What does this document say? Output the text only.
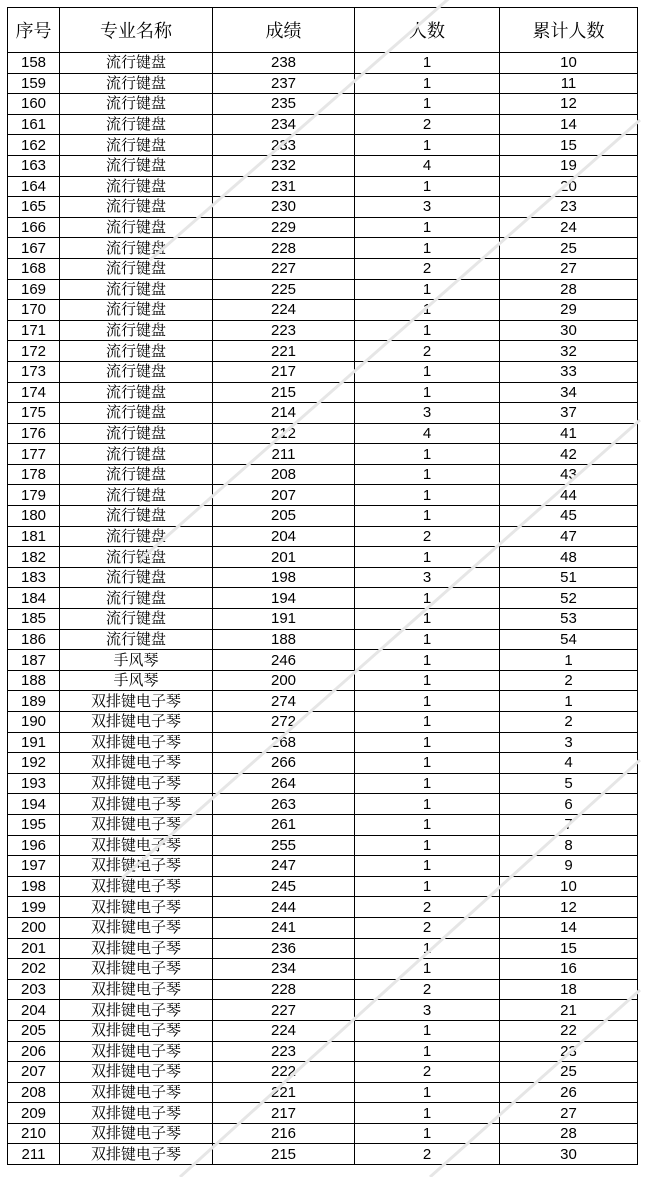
序号	专业名称	成绩	人数	累计人数
158	流行键盘	238	1	10
159	流行键盘	237	1	11
160	流行键盘	235	1	12
161	流行键盘	234	2	14
162	流行键盘	233	1	15
163	流行键盘	232	4	19
164	流行键盘	231	1	20
165	流行键盘	230	3	23
166	流行键盘	229	1	24
167	流行键盘	228	1	25
168	流行键盘	227	2	27
169	流行键盘	225	1	28
170	流行键盘	224	1	29
171	流行键盘	223	1	30
172	流行键盘	221	2	32
173	流行键盘	217	1	33
174	流行键盘	215	1	34
175	流行键盘	214	3	37
176	流行键盘	212	4	41
177	流行键盘	211	1	42
178	流行键盘	208	1	43
179	流行键盘	207	1	44
180	流行键盘	205	1	45
181	流行键盘	204	2	47
182	流行键盘	201	1	48
183	流行键盘	198	3	51
184	流行键盘	194	1	52
185	流行键盘	191	1	53
186	流行键盘	188	1	54
187	手风琴	246	1	1
188	手风琴	200	1	2
189	双排键电子琴	274	1	1
190	双排键电子琴	272	1	2
191	双排键电子琴	268	1	3
192	双排键电子琴	266	1	4
193	双排键电子琴	264	1	5
194	双排键电子琴	263	1	6
195	双排键电子琴	261	1	7
196	双排键电子琴	255	1	8
197	双排键电子琴	247	1	9
198	双排键电子琴	245	1	10
199	双排键电子琴	244	2	12
200	双排键电子琴	241	2	14
201	双排键电子琴	236	1	15
202	双排键电子琴	234	1	16
203	双排键电子琴	228	2	18
204	双排键电子琴	227	3	21
205	双排键电子琴	224	1	22
206	双排键电子琴	223	1	23
207	双排键电子琴	222	2	25
208	双排键电子琴	221	1	26
209	双排键电子琴	217	1	27
210	双排键电子琴	216	1	28
211	双排键电子琴	215	2	30
